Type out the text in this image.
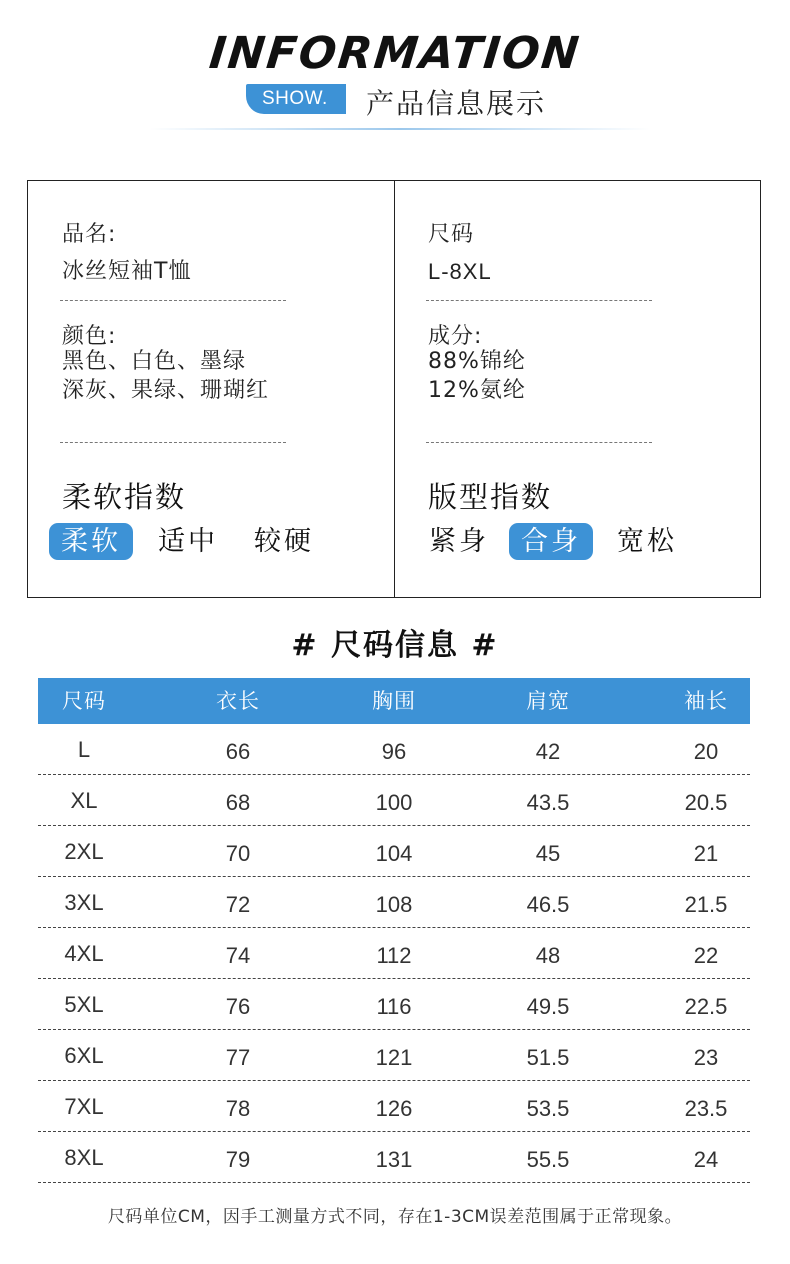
INFORMATION
SHOW.	产品信息展示
品名:
冰丝短袖T恤
颜色:
黑色、白色、墨绿
深灰、果绿、珊瑚红
柔软指数
柔软	适中	较硬
尺码
L-8XL
成分:
88%锦纶
12%氨纶
版型指数
紧身	合身	宽松
# 尺码信息 #
尺码	衣长	胸围	肩宽	袖长
L	66	96	42	20
XL	68	100	43.5	20.5
2XL	70	104	45	21
3XL	72	108	46.5	21.5
4XL	74	112	48	22
5XL	76	116	49.5	22.5
6XL	77	121	51.5	23
7XL	78	126	53.5	23.5
8XL	79	131	55.5	24
尺码单位CM，因手工测量方式不同，存在1-3CM误差范围属于正常现象。
